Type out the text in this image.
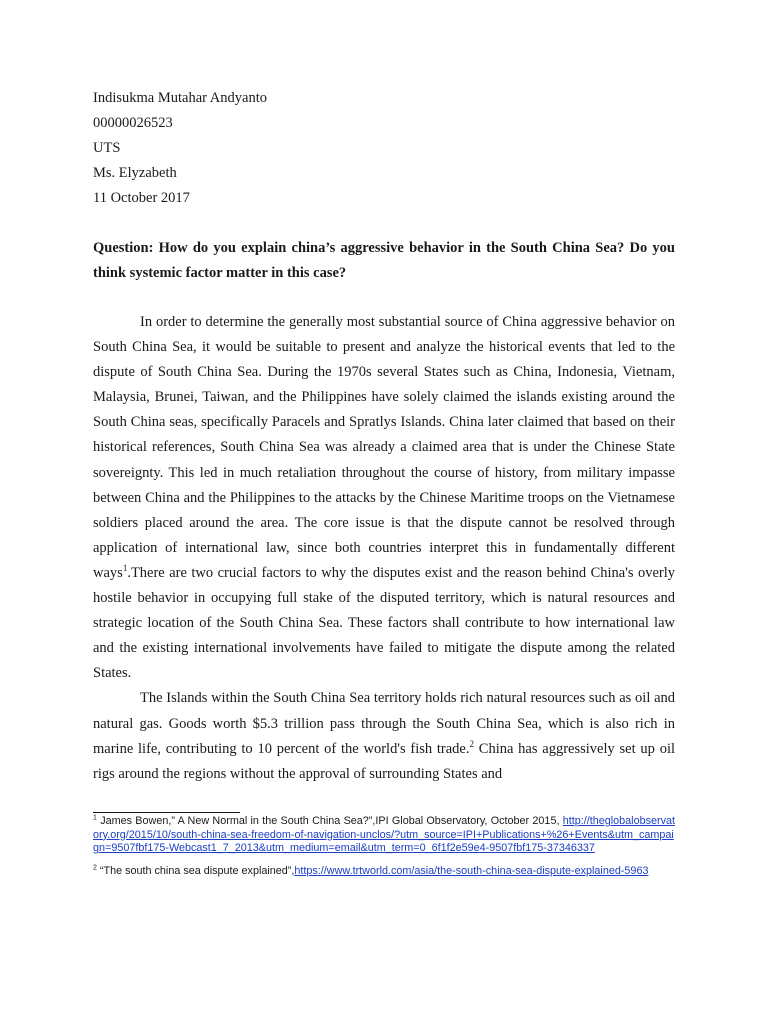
Indisukma Mutahar Andyanto
00000026523
UTS
Ms. Elyzabeth
11 October 2017
Question: How do you explain china’s aggressive behavior in the South China Sea? Do you think systemic factor matter in this case?

In order to determine the generally most substantial source of China aggressive behavior on South China Sea, it would be suitable to present and analyze the historical events that led to the dispute of South China Sea. During the 1970s several States such as China, Indonesia, Vietnam, Malaysia, Brunei, Taiwan, and the Philippines have solely claimed the islands existing around the South China seas, specifically Paracels and Spratlys Islands. China later claimed that based on their historical references, South China Sea was already a claimed area that is under the Chinese State sovereignty. This led in much retaliation throughout the course of history, from military impasse between China and the Philippines to the attacks by the Chinese Maritime troops on the Vietnamese soldiers placed around the area. The core issue is that the dispute cannot be resolved through application of international law, since both countries interpret this in fundamentally different ways$^1$.There are two crucial factors to why the disputes exist and the reason behind China's overly hostile behavior in occupying full stake of the disputed territory, which is natural resources and strategic location of the South China Sea. These factors shall contribute to how international law and the existing international involvements have failed to mitigate the dispute among the related States.

The Islands within the South China Sea territory holds rich natural resources such as oil and natural gas. Goods worth $5.3 trillion pass through the South China Sea, which is also rich in marine life, contributing to 10 percent of the world's fish trade.$^2$ China has aggressively set up oil rigs around the regions without the approval of surrounding States and

$^1$ James Bowen,” A New Normal in the South China Sea?”,IPI Global Observatory, October 2015, http://theglobalobservatory.org/2015/10/south-china-sea-freedom-of-navigation-unclos/?utm_source=IPI+Publications+%26+Events&utm_campaign=9507fbf175-Webcast1_7_2013&utm_medium=email&utm_term=0_6f1f2e59e4-9507fbf175-37346337
$^2$ “The south china sea dispute explained”,https://www.trtworld.com/asia/the-south-china-sea-dispute-explained-5963
